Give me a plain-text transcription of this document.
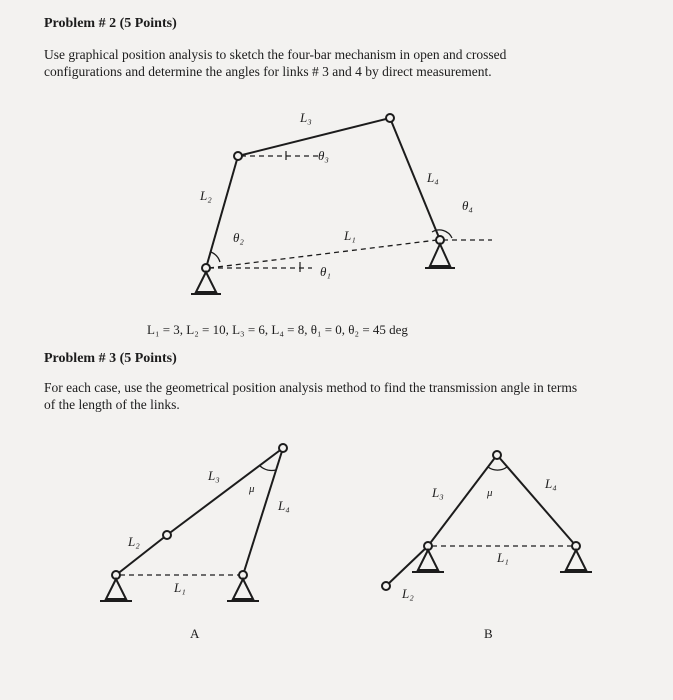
Problem # 2 (5 Points)

Use graphical position analysis to sketch the four-bar mechanism in open and crossed

configurations and determine the angles for links # 3 and 4 by direct measurement.

L₃
θ₃
L₄
L₂
θ₄
θ₂	L₁
θ₁
L₃
μ
L₄
L₂
L₁
L₃	μ
L₄
L₁
L₂

L₁ = 3, L₂ = 10, L₃ = 6, L₄ = 8, θ₁ = 0, θ₂ = 45 deg

Problem # 3 (5 Points)

For each case, use the geometrical position analysis method to find the transmission angle in terms

of the length of the links.

A	B
